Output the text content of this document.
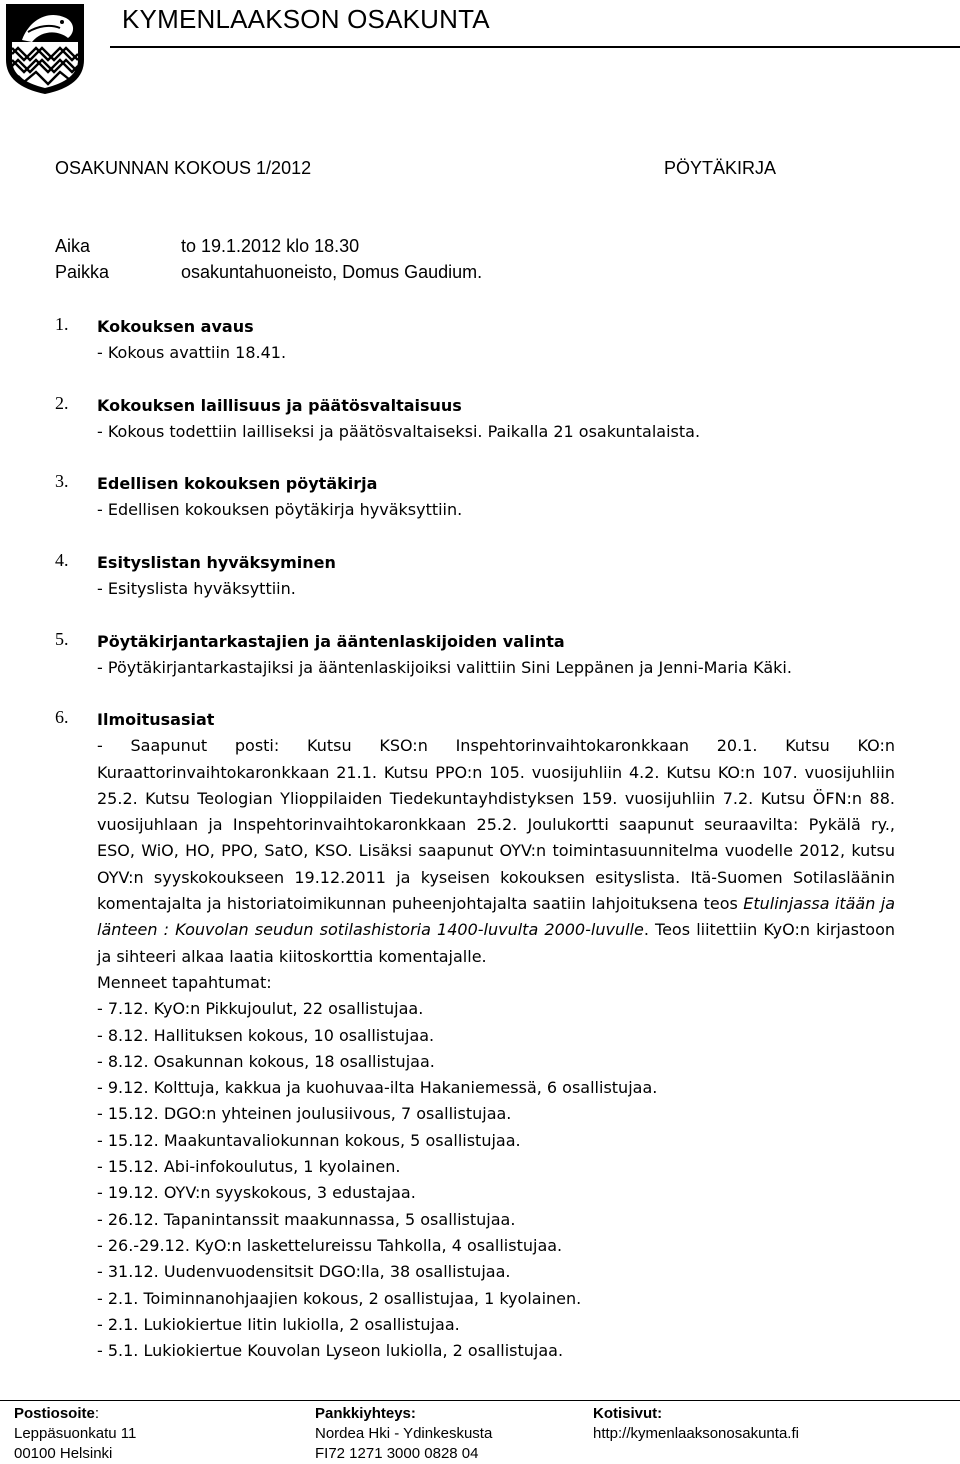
KYMENLAAKSON OSAKUNTA
OSAKUNNAN KOKOUS 1/2012	PÖYTÄKIRJA
Aika	to 19.1.2012 klo 18.30
Paikka	osakuntahuoneisto, Domus Gaudium.
1. Kokouksen avaus
- Kokous avattiin 18.41.
2. Kokouksen laillisuus ja päätösvaltaisuus
- Kokous todettiin lailliseksi ja päätösvaltaiseksi. Paikalla 21 osakuntalaista.
3. Edellisen kokouksen pöytäkirja
- Edellisen kokouksen pöytäkirja hyväksyttiin.
4. Esityslistan hyväksyminen
- Esityslista hyväksyttiin.
5. Pöytäkirjantarkastajien ja ääntenlaskijoiden valinta
- Pöytäkirjantarkastajiksi ja ääntenlaskijoiksi valittiin Sini Leppänen ja Jenni-Maria Käki.
6. Ilmoitusasiat
- Saapunut posti: Kutsu KSO:n Inspehtorinvaihtokaronkkaan 20.1. Kutsu KO:n Kuraattorinvaihtokaronkkaan 21.1. Kutsu PPO:n 105. vuosijuhliin 4.2. Kutsu KO:n 107. vuosijuhliin 25.2. Kutsu Teologian Ylioppilaiden Tiedekuntayhdistyksen 159. vuosijuhliin 7.2. Kutsu ÖFN:n 88. vuosijuhlaan ja Inspehtorinvaihtokaronkkaan 25.2. Joulukortti saapunut seuraavilta: Pykälä ry., ESO, WiO, HO, PPO, SatO, KSO. Lisäksi saapunut OYV:n toimintasuunnitelma vuodelle 2012, kutsu OYV:n syyskokoukseen 19.12.2011 ja kyseisen kokouksen esityslista. Itä-Suomen Sotilasläänin komentajalta ja historiatoimikunnan puheenjohtajalta saatiin lahjoituksena teos Etulinjassa itään ja länteen : Kouvolan seudun sotilashistoria 1400-luvulta 2000-luvulle. Teos liitettiin KyO:n kirjastoon ja sihteeri alkaa laatia kiitoskorttia komentajalle.
Menneet tapahtumat:
- 7.12. KyO:n Pikkujoulut, 22 osallistujaa.
- 8.12. Hallituksen kokous, 10 osallistujaa.
- 8.12. Osakunnan kokous, 18 osallistujaa.
- 9.12. Kolttuja, kakkua ja kuohuvaa-ilta Hakaniemessä, 6 osallistujaa.
- 15.12. DGO:n yhteinen joulusiivous, 7 osallistujaa.
- 15.12. Maakuntavaliokunnan kokous, 5 osallistujaa.
- 15.12. Abi-infokoulutus, 1 kyolainen.
- 19.12. OYV:n syyskokous, 3 edustajaa.
- 26.12. Tapanintanssit maakunnassa, 5 osallistujaa.
- 26.-29.12. KyO:n laskettelureissu Tahkolla, 4 osallistujaa.
- 31.12. Uudenvuodensitsit DGO:lla, 38 osallistujaa.
- 2.1. Toiminnanohjaajien kokous, 2 osallistujaa, 1 kyolainen.
- 2.1. Lukiokiertue Iitin lukiolla, 2 osallistujaa.
- 5.1. Lukiokiertue Kouvolan Lyseon lukiolla, 2 osallistujaa.
Postiosoite:
Leppäsuonkatu 11
00100 Helsinki
Pankkiyhteys:
Nordea Hki - Ydinkeskusta
FI72 1271 3000 0828 04
Kotisivut:
http://kymenlaaksonosakunta.fi
